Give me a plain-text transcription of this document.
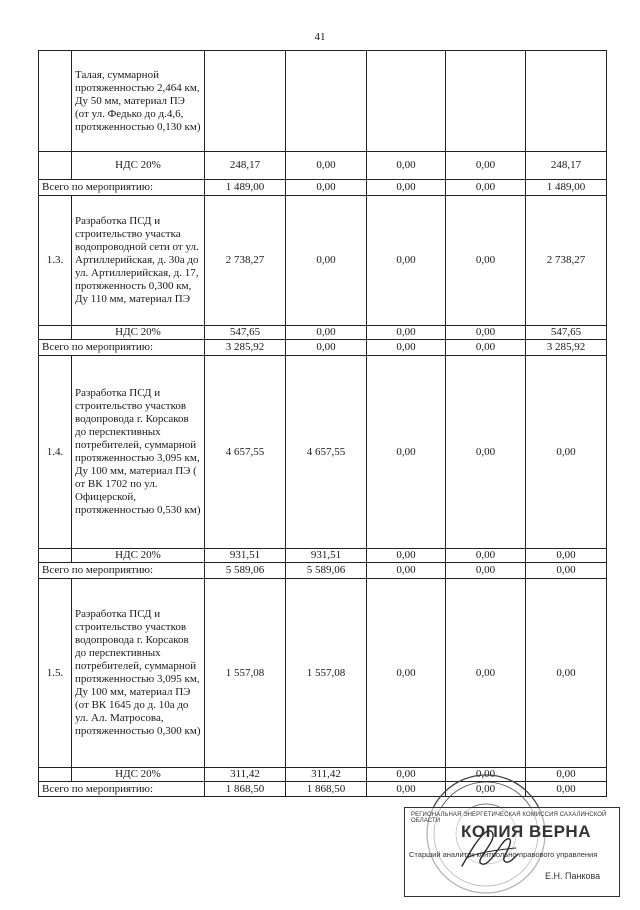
41
	Талая, суммарной протяженностью 2,464 км, Ду 50 мм, материал ПЭ (от ул. Федько до д.4,6, протяженностью 0,130 км)					
	НДС 20%	248,17	0,00	0,00	0,00	248,17
Всего по мероприятию:		1 489,00	0,00	0,00	0,00	1 489,00
1.3.	Разработка ПСД и строительство участка водопроводной сети от ул. Артиллерийская, д. 30а до ул. Артиллерийская, д. 17, протяженность 0,300 км, Ду 110 мм, материал ПЭ	2 738,27	0,00	0,00	0,00	2 738,27
	НДС 20%	547,65	0,00	0,00	0,00	547,65
Всего по мероприятию:		3 285,92	0,00	0,00	0,00	3 285,92
1.4.	Разработка ПСД и строительство участков водопровода г. Корсаков до перспективных потребителей, суммарной протяженностью 3,095 км, Ду 100 мм, материал ПЭ ( от ВК 1702 по ул. Офицерской, протяженностью 0,530 км)	4 657,55	4 657,55	0,00	0,00	0,00
	НДС 20%	931,51	931,51	0,00	0,00	0,00
Всего по мероприятию:		5 589,06	5 589,06	0,00	0,00	0,00
1.5.	Разработка ПСД и строительство участков водопровода г. Корсаков до перспективных потребителей, суммарной протяженностью 3,095 км, Ду 100 мм, материал ПЭ (от ВК 1645 до д. 10а до ул. Ал. Матросова, протяженностью 0,300 км)	1 557,08	1 557,08	0,00	0,00	0,00
	НДС 20%	311,42	311,42	0,00	0,00	0,00
Всего по мероприятию:		1 868,50	1 868,50	0,00	0,00	0,00
РЕГИОНАЛЬНАЯ ЭНЕРГЕТИЧЕСКАЯ КОМИССИЯ САХАЛИНСКОЙ ОБЛАСТИ
КОПИЯ ВЕРНА
Старший аналитик контрольно-правового управления
Е.Н. Панкова
